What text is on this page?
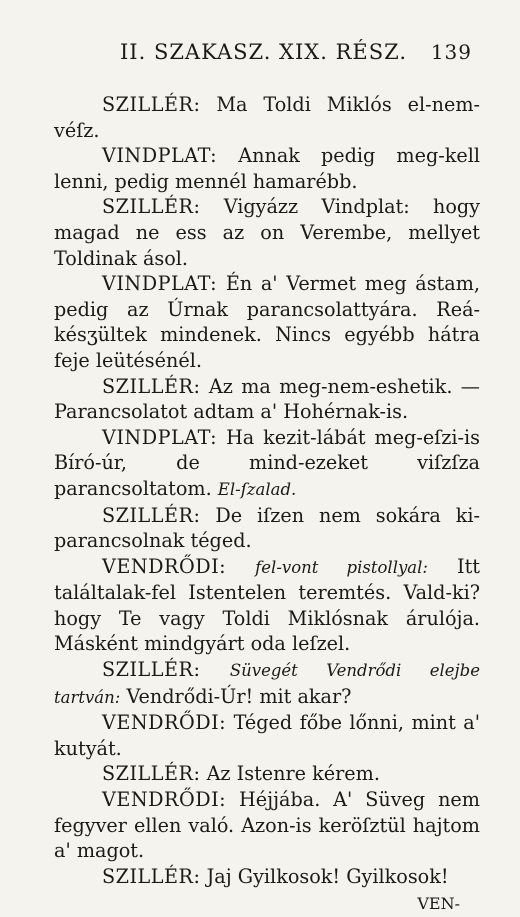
II. SZAKASZ. XIX. RÉSZ. 139

SZILLÉR: Ma Toldi Miklós el-nem-véſz.

VINDPLAT: Annak pedig meg-kell lenni, pedig mennél hamarébb.

SZILLÉR: Vigyázz Vindplat: hogy magad ne ess az on Verembe, mellyet Toldinak ásol.

VINDPLAT: Én a' Vermet meg ástam, pedig az Úrnak parancsolattyára. Reá-késʒültek mindenek. Nincs egyébb hátra feje leütésénél.

SZILLÉR: Az ma meg-nem-eshetik. — Parancsolatot adtam a' Hohérnak-is.

VINDPLAT: Ha kezit-lábát meg-eſzi-is Bíró-úr, de mind-ezeket viſzſza parancsoltatom. El-ſzalad.

SZILLÉR: De iſzen nem sokára ki-parancsolnak téged.

VENDRŐDI: fel-vont pistollyal: Itt találtalak-fel Istentelen teremtés. Vald-ki? hogy Te vagy Toldi Miklósnak árulója. Másként mindgyárt oda leſzel.

SZILLÉR: Süvegét Vendrődi elejbe tartván: Vendrődi-Úr! mit akar?

VENDRŐDI: Téged főbe lőnni, mint a' kutyát.

SZILLÉR: Az Istenre kérem.

VENDRŐDI: Héjjába. A' Süveg nem fegyver ellen való. Azon-is keröſztül hajtom a' magot.

SZILLÉR: Jaj Gyilkosok! Gyilkosok!

VEN-
